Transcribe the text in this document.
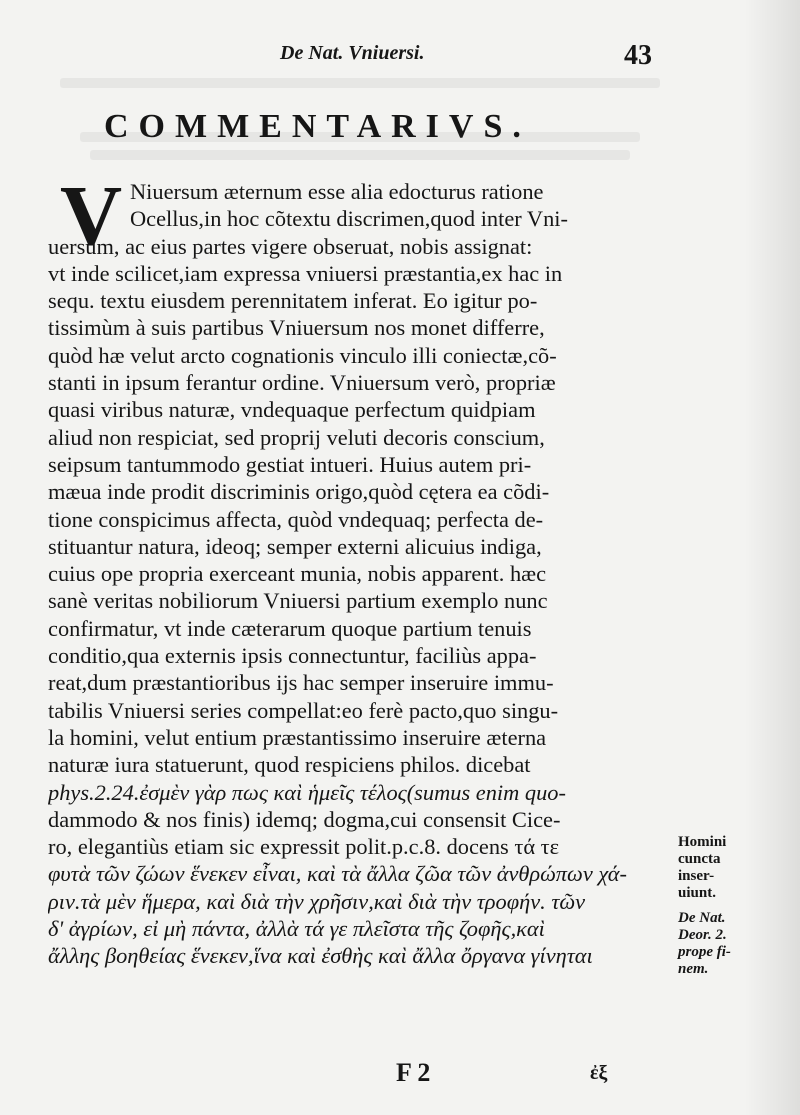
De Nat. Vniuersi.	43
COMMENTARIVS.
V Niuersum æternum esse alia edocturus ratione
Ocellus,in hoc cõtextu discrimen,quod inter Vni-
uersum, ac eius partes vigere obseruat, nobis assignat:
vt inde scilicet,iam expressa vniuersi præstantia,ex hac in
sequ. textu eiusdem perennitatem inferat. Eo igitur po-
tissimùm à suis partibus Vniuersum nos monet differre,
quòd hæ velut arcto cognationis vinculo illi coniectæ,cõ-
stanti in ipsum ferantur ordine. Vniuersum verò, propriæ
quasi viribus naturæ, vndequaque perfectum quidpiam
aliud non respiciat, sed proprij veluti decoris conscium,
seipsum tantummodo gestiat intueri. Huius autem pri-
mæua inde prodit discriminis origo,quòd cętera ea cõdi-
tione conspicimus affecta, quòd vndequaq; perfecta de-
stituantur natura, ideoq; semper externi alicuius indiga,
cuius ope propria exerceant munia, nobis apparent. hæc
sanè veritas nobiliorum Vniuersi partium exemplo nunc
confirmatur, vt inde cæterarum quoque partium tenuis
conditio,qua externis ipsis connectuntur, faciliùs appa-
reat,dum præstantioribus ijs hac semper inseruire immu-
tabilis Vniuersi series compellat:eo ferè pacto,quo singu-
la homini, velut entium præstantissimo inseruire æterna
naturæ iura statuerunt, quod respiciens philos. dicebat
phys.2.24.ἐσμὲν γὰρ πως καὶ ἡμεῖς τέλος(sumus enim quo-
dammodo & nos finis) idemq; dogma,cui consensit Cice-
ro, elegantiùs etiam sic expressit polit.p.c.8. docens τά τε
φυτὰ τῶν ζώων ἕνεκεν εἶναι, καὶ τὰ ἄλλα ζῶα τῶν ἀνθρώπων χά-
ριν.τὰ μὲν ἥμερα, καὶ διὰ τὴν χρῆσιν,καὶ διὰ τὴν τροφήν. τῶν
δ' ἀγρίων, εἰ μὴ πάντα, ἀλλὰ τά γε πλεῖστα τῆς ζοφῆς,καὶ
ἄλλης βοηθείας ἕνεκεν,ἵνα καὶ ἐσθὴς καὶ ἄλλα ὄργανα γίνηται
Homini
cuncta
inser-
uiunt.
De Nat.
Deor. 2.
prope fi-
nem.
F 2	ἐξ
